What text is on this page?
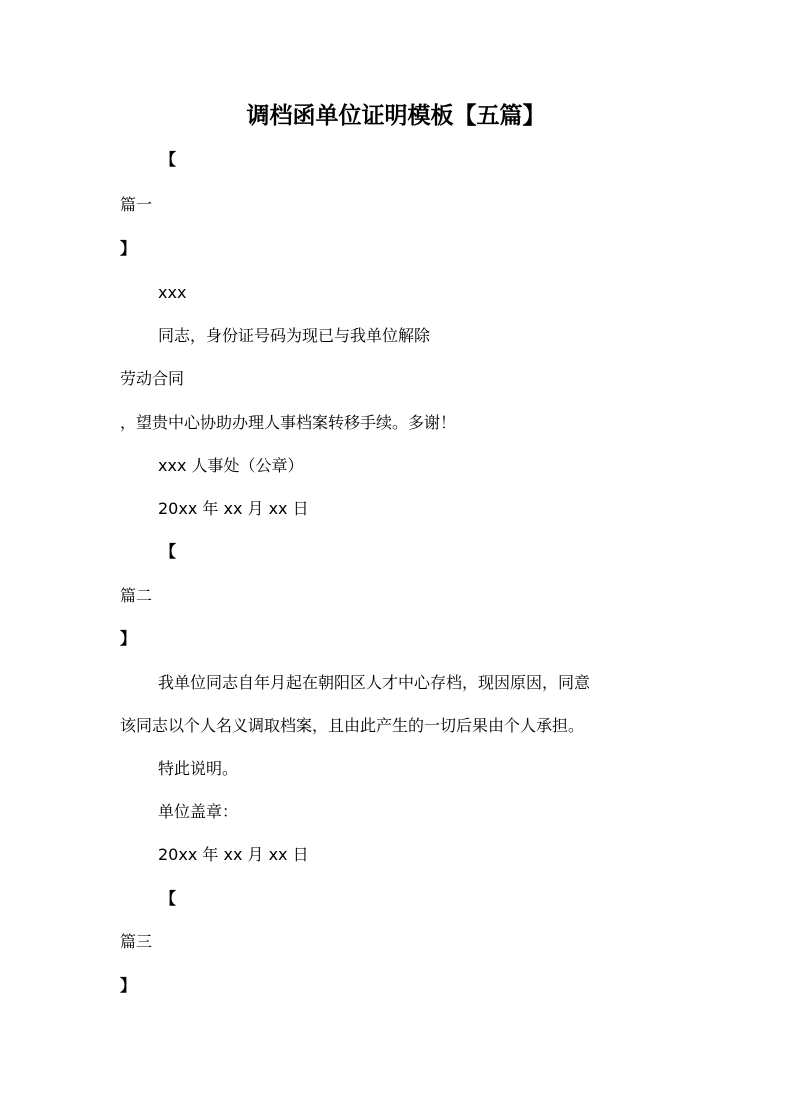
调档函单位证明模板【五篇】
【
篇一
】
xxx
同志，身份证号码为现已与我单位解除
劳动合同
，望贵中心协助办理人事档案转移手续。多谢！
xxx 人事处（公章）
20xx 年 xx 月 xx 日
【
篇二
】
我单位同志自年月起在朝阳区人才中心存档，现因原因，同意
该同志以个人名义调取档案，且由此产生的一切后果由个人承担。
特此说明。
单位盖章：
20xx 年 xx 月 xx 日
【
篇三
】
